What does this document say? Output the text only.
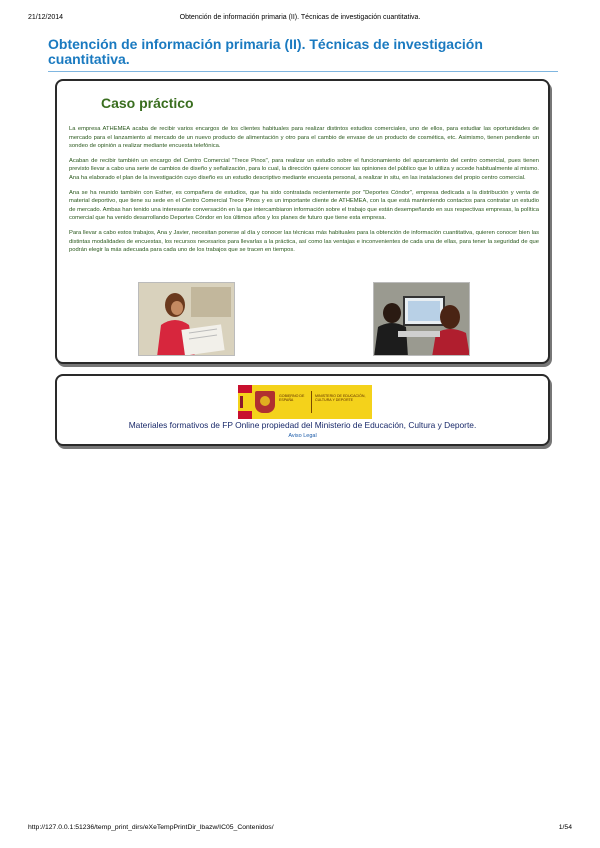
21/12/2014	Obtención de información primaria (II). Técnicas de investigación cuantitativa.
Obtención de información primaria (II). Técnicas de investigación cuantitativa.
Caso práctico

La empresa ATHEMEA acaba de recibir varios encargos de los clientes habituales para realizar distintos estudios comerciales, uno de ellos, para estudiar las oportunidades de mercado para el lanzamiento al mercado de un nuevo producto de alimentación y otro para el cambio de envase de un producto de cosmética, etc. Asimismo, tienen pendiente un sondeo de opinión a realizar mediante encuesta telefónica.

Acaban de recibir también un encargo del Centro Comercial "Trece Pinos", para realizar un estudio sobre el funcionamiento del aparcamiento del centro comercial, pues tienen previsto llevar a cabo una serie de cambios de diseño y señalización, para lo cual, la dirección quiere conocer las opiniones del público que lo utiliza y accede habitualmente al mismo. Ana ha elaborado el plan de la investigación cuyo diseño es un estudio descriptivo mediante encuesta personal, a realizar in situ, en las instalaciones del propio centro comercial.

Ana se ha reunido también con Esther, es compañera de estudios, que ha sido contratada recientemente por "Deportes Cóndor", empresa dedicada a la distribución y venta de material deportivo, que tiene su sede en el Centro Comercial Trece Pinos y es un importante cliente de ATHEMEA, con la que está manteniendo contactos para contratar un estudio de mercado. Ambas han tenido una interesante conversación en la que intercambiaron información sobre el trabajo que están desempeñando en sus respectivas empresas, la política comercial que ha venido desarrollando Deportes Cóndor en los últimos años y los planes de futuro que tiene esta empresa.

Para llevar a cabo estos trabajos, Ana y Javier, necesitan ponerse al día y conocer las técnicas más habituales para la obtención de información cuantitativa, quieren conocer bien las distintas modalidades de encuestas, los recursos necesarios para llevarlas a la práctica, así como las ventajas e inconvenientes de cada una de ellas, para tener la seguridad de que podrán elegir la más adecuada para cada uno de los trabajos que se tracen en tiempos.

GOBIERNO DE ESPAÑA
MINISTERIO DE EDUCACIÓN, CULTURA Y DEPORTE
Materiales formativos de FP Online propiedad del Ministerio de Educación, Cultura y Deporte.
Aviso Legal
http://127.0.0.1:51236/temp_print_dirs/eXeTempPrintDir_lbazw/IC05_Contenidos/	1/54
